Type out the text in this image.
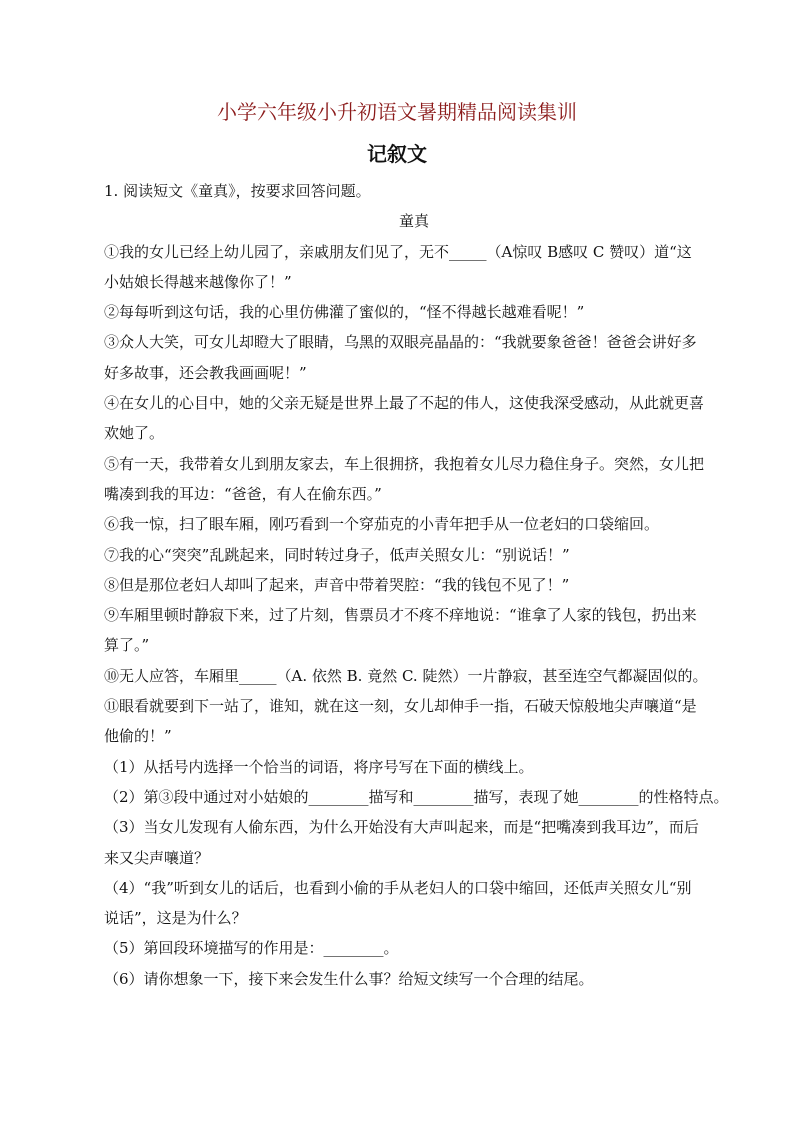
小学六年级小升初语文暑期精品阅读集训
记叙文
1. 阅读短文《童真》，按要求回答问题。
童真
①我的女儿已经上幼儿园了，亲戚朋友们见了，无不_____（A惊叹 B感叹 C 赞叹）道“这
小姑娘长得越来越像你了！”
②每每听到这句话，我的心里仿佛灌了蜜似的，“怪不得越长越难看呢！”
③众人大笑，可女儿却瞪大了眼睛，乌黑的双眼亮晶晶的：“我就要象爸爸！爸爸会讲好多
好多故事，还会教我画画呢！”
④在女儿的心目中，她的父亲无疑是世界上最了不起的伟人，这使我深受感动，从此就更喜
欢她了。
⑤有一天，我带着女儿到朋友家去，车上很拥挤，我抱着女儿尽力稳住身子。突然，女儿把
嘴凑到我的耳边：“爸爸，有人在偷东西。”
⑥我一惊，扫了眼车厢，刚巧看到一个穿茄克的小青年把手从一位老妇的口袋缩回。
⑦我的心“突突”乱跳起来，同时转过身子，低声关照女儿：“别说话！”
⑧但是那位老妇人却叫了起来，声音中带着哭腔：“我的钱包不见了！”
⑨车厢里顿时静寂下来，过了片刻，售票员才不疼不痒地说：“谁拿了人家的钱包，扔出来
算了。”
⑩无人应答，车厢里_____（A. 依然 B. 竟然 C. 陡然）一片静寂，甚至连空气都凝固似的。
⑪眼看就要到下一站了，谁知，就在这一刻，女儿却伸手一指，石破天惊般地尖声嚷道“是
他偷的！”
（1）从括号内选择一个恰当的词语，将序号写在下面的横线上。
（2）第③段中通过对小姑娘的________描写和________描写，表现了她________的性格特点。
（3）当女儿发现有人偷东西，为什么开始没有大声叫起来，而是“把嘴凑到我耳边”，而后
来又尖声嚷道？
（4）“我”听到女儿的话后，也看到小偷的手从老妇人的口袋中缩回，还低声关照女儿“别
说话”，这是为什么？
（5）第回段环境描写的作用是：________。
（6）请你想象一下，接下来会发生什么事？给短文续写一个合理的结尾。
